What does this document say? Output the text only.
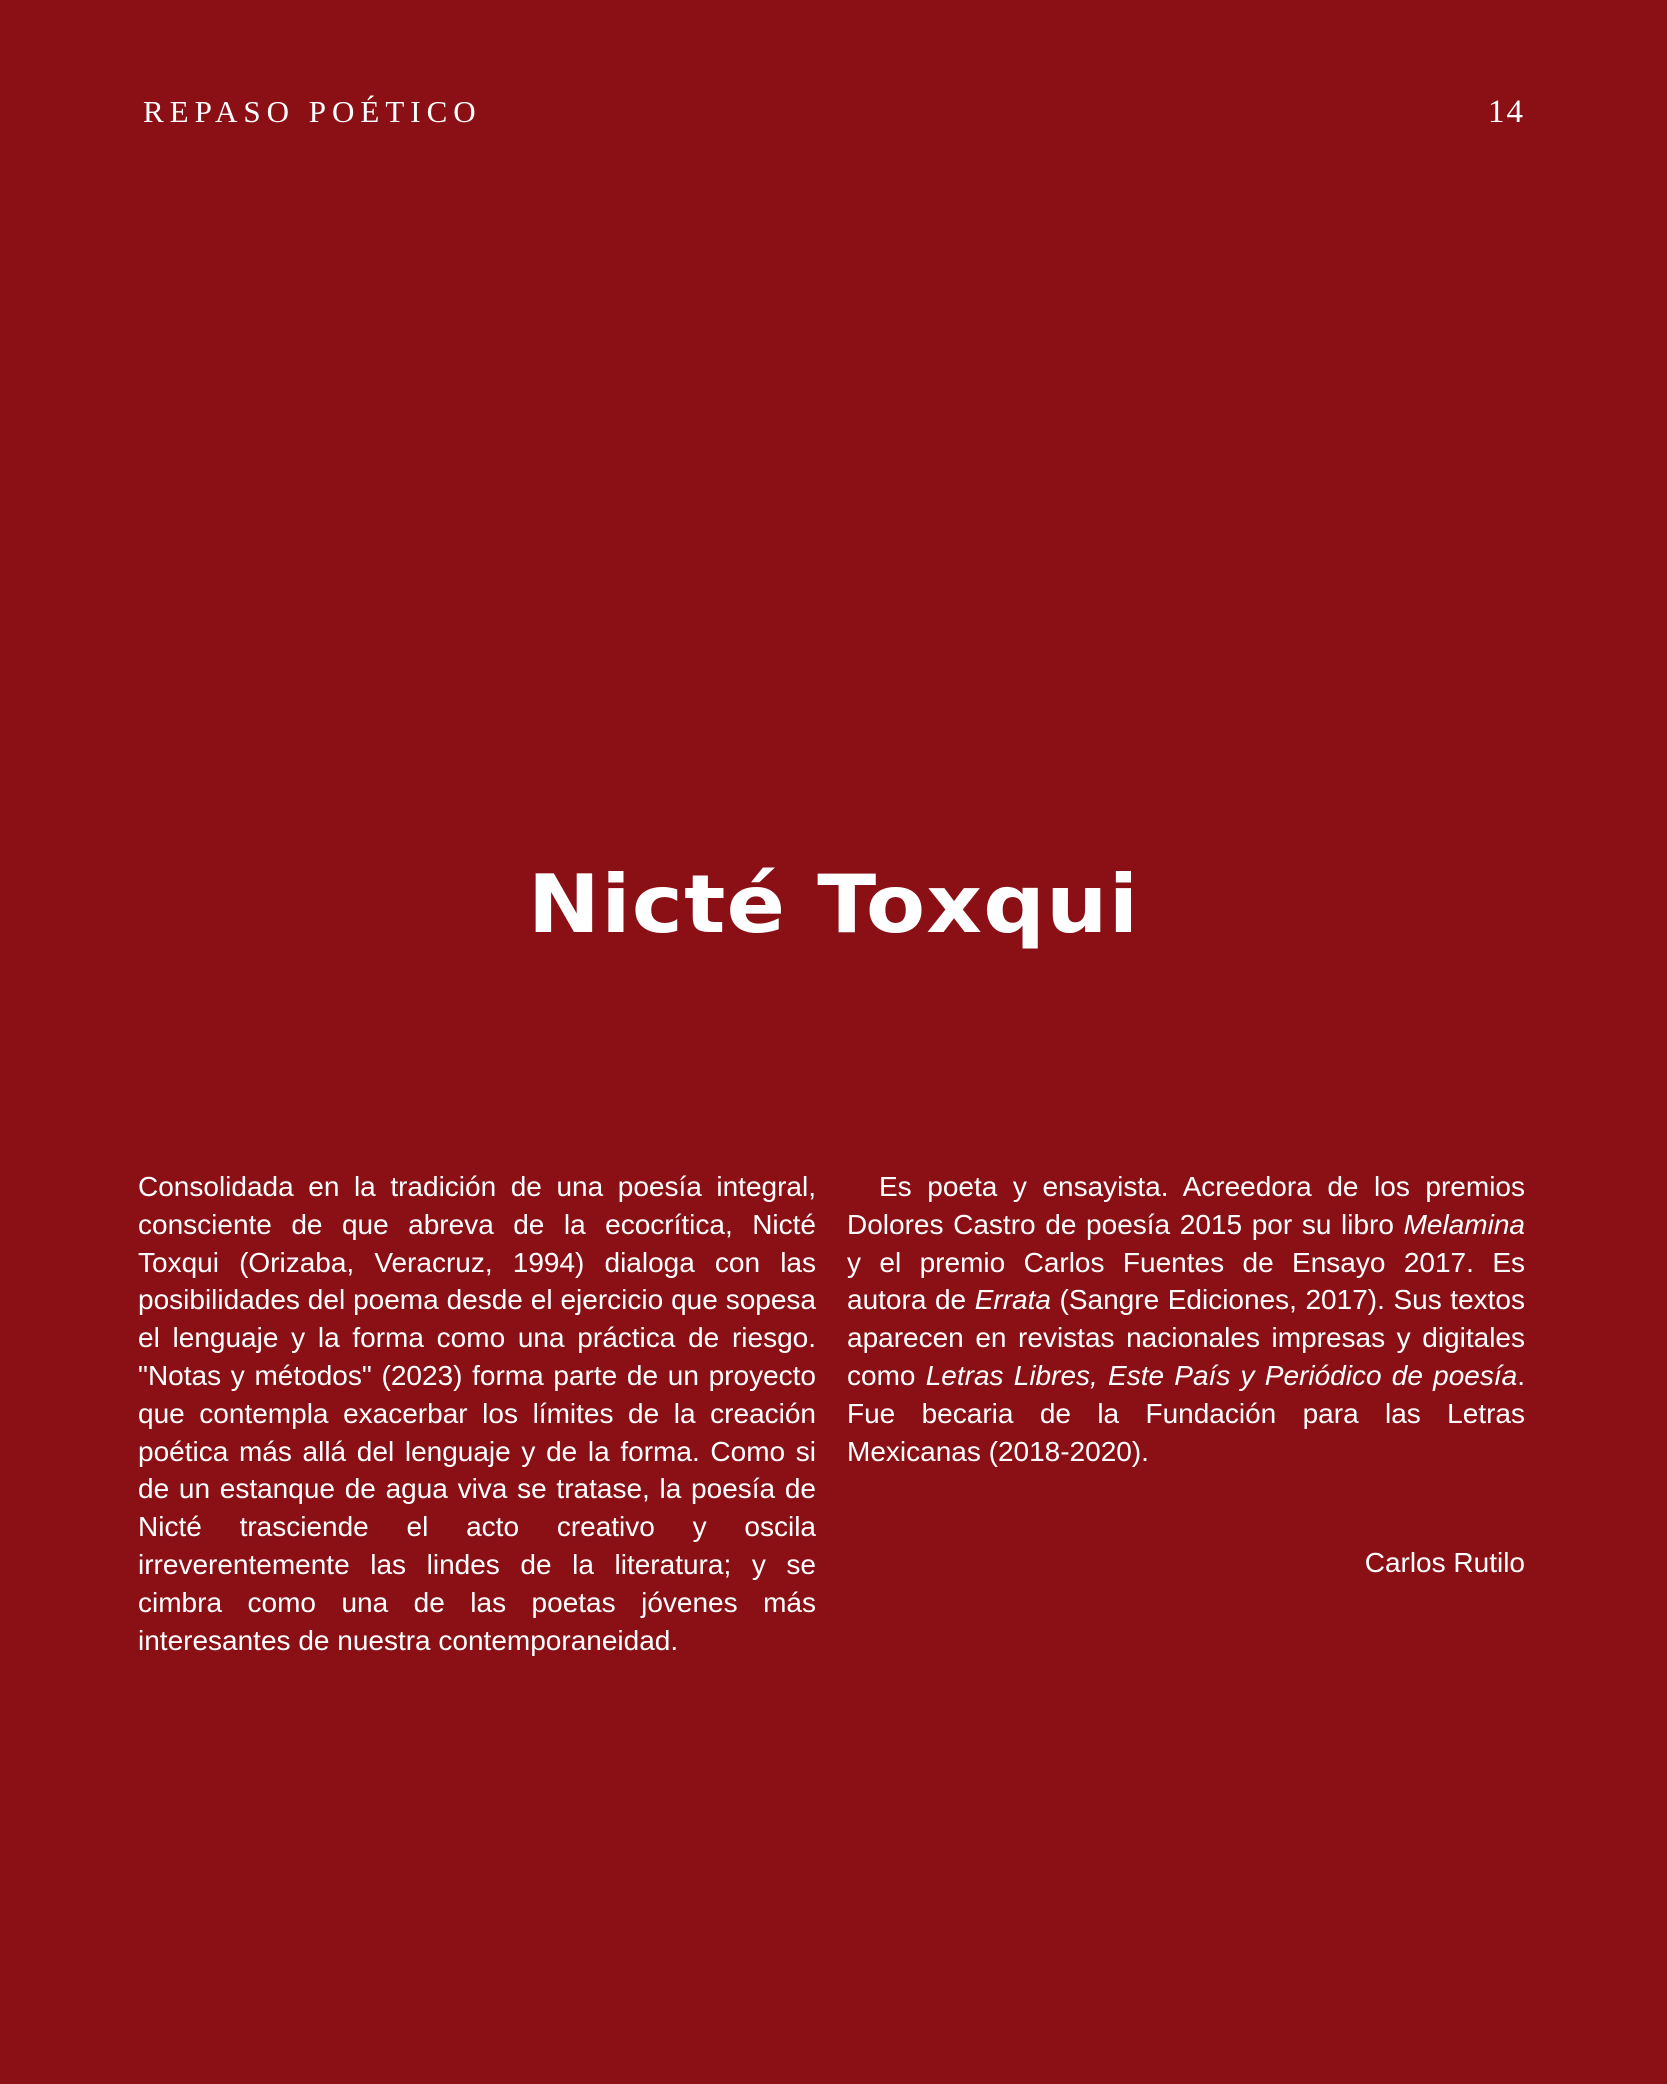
REPASO POÉTICO	14
Nicté Toxqui

Consolidada en la tradición de una poesía integral, consciente de que abreva de la ecocrítica, Nicté Toxqui (Orizaba, Veracruz, 1994) dialoga con las posibilidades del poema desde el ejercicio que sopesa el lenguaje y la forma como una práctica de riesgo. "Notas y métodos" (2023) forma parte de un proyecto que contempla exacerbar los límites de la creación poética más allá del lenguaje y de la forma. Como si de un estanque de agua viva se tratase, la poesía de Nicté trasciende el acto creativo y oscila irreverentemente las lindes de la literatura; y se cimbra como una de las poetas jóvenes más interesantes de nuestra contemporaneidad.

Es poeta y ensayista. Acreedora de los premios Dolores Castro de poesía 2015 por su libro Melamina y el premio Carlos Fuentes de Ensayo 2017. Es autora de Errata (Sangre Ediciones, 2017). Sus textos aparecen en revistas nacionales impresas y digitales como Letras Libres, Este País y Periódico de poesía. Fue becaria de la Fundación para las Letras Mexicanas (2018-2020).

Carlos Rutilo
